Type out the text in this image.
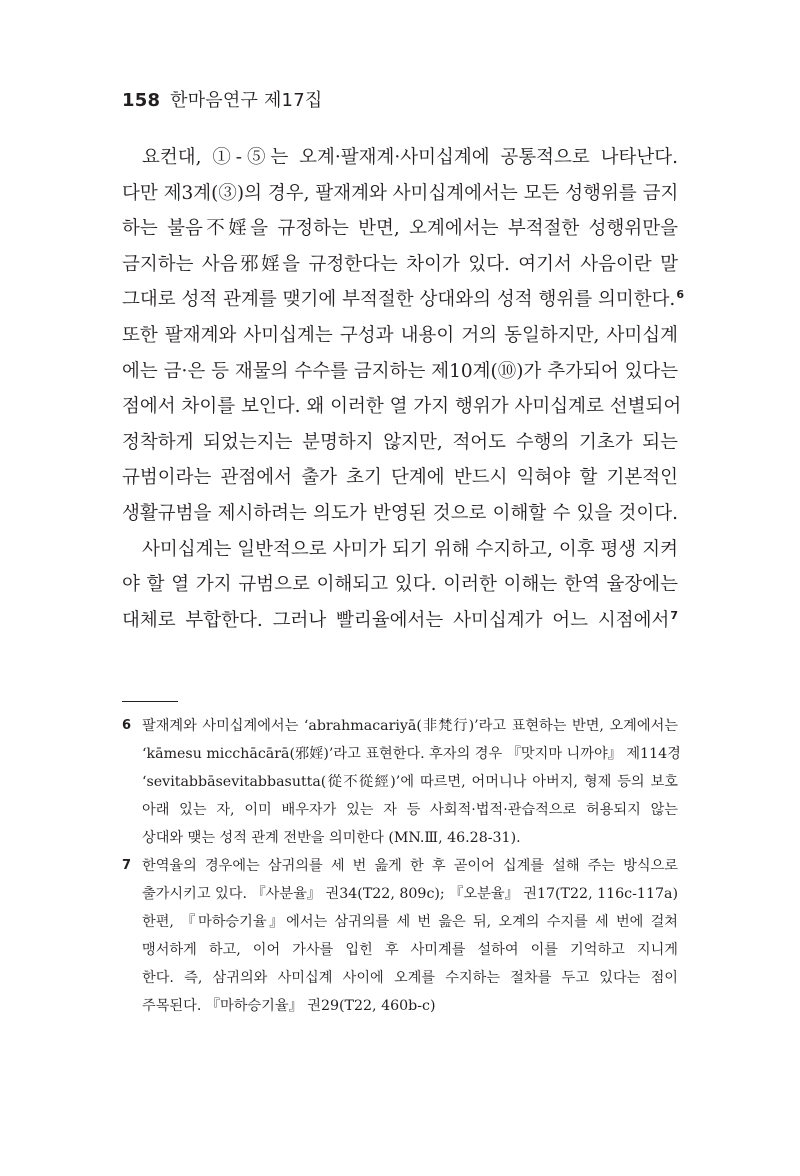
158 한마음연구 제17집
요컨대, ①-⑤는 오계·팔재계·사미십계에 공통적으로 나타난다.
다만 제3계(③)의 경우, 팔재계와 사미십계에서는 모든 성행위를 금지
하는 불음不婬을 규정하는 반면, 오계에서는 부적절한 성행위만을
금지하는 사음邪婬을 규정한다는 차이가 있다. 여기서 사음이란 말
그대로 성적 관계를 맺기에 부적절한 상대와의 성적 행위를 의미한다.$^6$
또한 팔재계와 사미십계는 구성과 내용이 거의 동일하지만, 사미십계
에는 금·은 등 재물의 수수를 금지하는 제10계(⑩)가 추가되어 있다는
점에서 차이를 보인다. 왜 이러한 열 가지 행위가 사미십계로 선별되어
정착하게 되었는지는 분명하지 않지만, 적어도 수행의 기초가 되는
규범이라는 관점에서 출가 초기 단계에 반드시 익혀야 할 기본적인
생활규범을 제시하려는 의도가 반영된 것으로 이해할 수 있을 것이다.
사미십계는 일반적으로 사미가 되기 위해 수지하고, 이후 평생 지켜
야 할 열 가지 규범으로 이해되고 있다. 이러한 이해는 한역 율장에는
대체로 부합한다. 그러나 빨리율에서는 사미십계가 어느 시점에서$^7$
6 팔재계와 사미십계에서는 ‘abrahmacariyā(非梵行)’라고 표현하는 반면, 오계에서는
‘kāmesu micchācārā(邪婬)’라고 표현한다. 후자의 경우 『맛지마 니까야』 제114경
‘sevitabbāsevitabbasutta(從不從經)’에 따르면, 어머니나 아버지, 형제 등의 보호
아래 있는 자, 이미 배우자가 있는 자 등 사회적·법적·관습적으로 허용되지 않는
상대와 맺는 성적 관계 전반을 의미한다 (MN.Ⅲ, 46.28-31).
7 한역율의 경우에는 삼귀의를 세 번 읊게 한 후 곧이어 십계를 설해 주는 방식으로
출가시키고 있다. 『사분율』 권34(T22, 809c); 『오분율』 권17(T22, 116c-117a)
한편, 『마하승기율』에서는 삼귀의를 세 번 읊은 뒤, 오계의 수지를 세 번에 걸쳐
맹서하게 하고, 이어 가사를 입힌 후 사미계를 설하여 이를 기억하고 지니게
한다. 즉, 삼귀의와 사미십계 사이에 오계를 수지하는 절차를 두고 있다는 점이
주목된다. 『마하승기율』 권29(T22, 460b-c)
